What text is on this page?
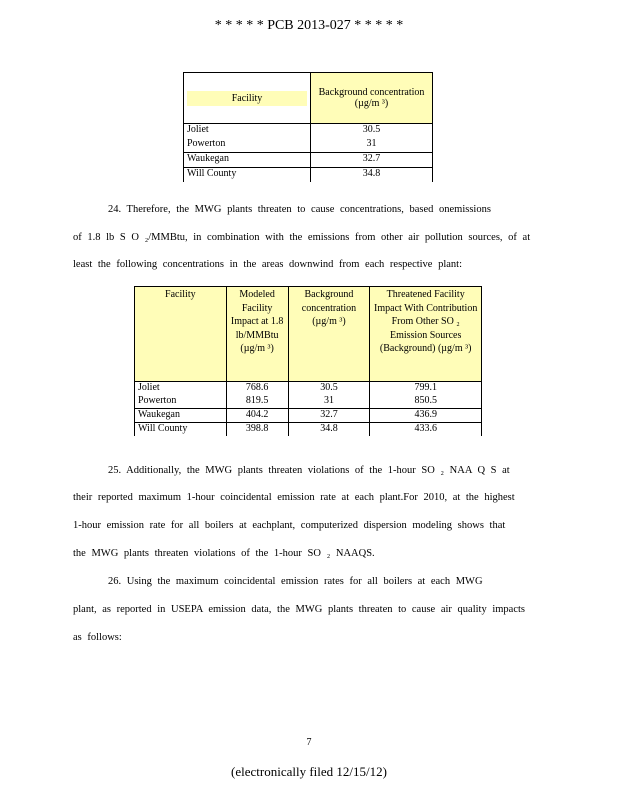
* * * * * PCB 2013-027 * * * * *
Facility	Background concentration (µg/m ³)
Joliet	30.5
Powerton	31
Waukegan	32.7
Will County	34.8
24. Therefore, the MWG plants threaten to cause concentrations, based onemissions
of 1.8 lb S O ₂/MMBtu, in combination with the emissions from other air pollution sources, of at
least the following concentrations in the areas downwind from each respective plant:
Facility	Modeled Facility Impact at 1.8 lb/MMBtu (µg/m ³)	Background concentration (µg/m ³)	Threatened Facility Impact With Contribution From Other SO ₂ Emission Sources (Background) (µg/m ³)
Joliet	768.6	30.5	799.1
Powerton	819.5	31	850.5
Waukegan	404.2	32.7	436.9
Will County	398.8	34.8	433.6
25. Additionally, the MWG plants threaten violations of the 1-hour SO ₂ NAA Q S at
their reported maximum 1-hour coincidental emission rate at each plant.For 2010, at the highest
1-hour emission rate for all boilers at eachplant, computerized dispersion modeling shows that
the MWG plants threaten violations of the 1-hour SO ₂ NAAQS.
26. Using the maximum coincidental emission rates for all boilers at each MWG
plant, as reported in USEPA emission data, the MWG plants threaten to cause air quality impacts
as follows:
7
(electronically filed 12/15/12)
